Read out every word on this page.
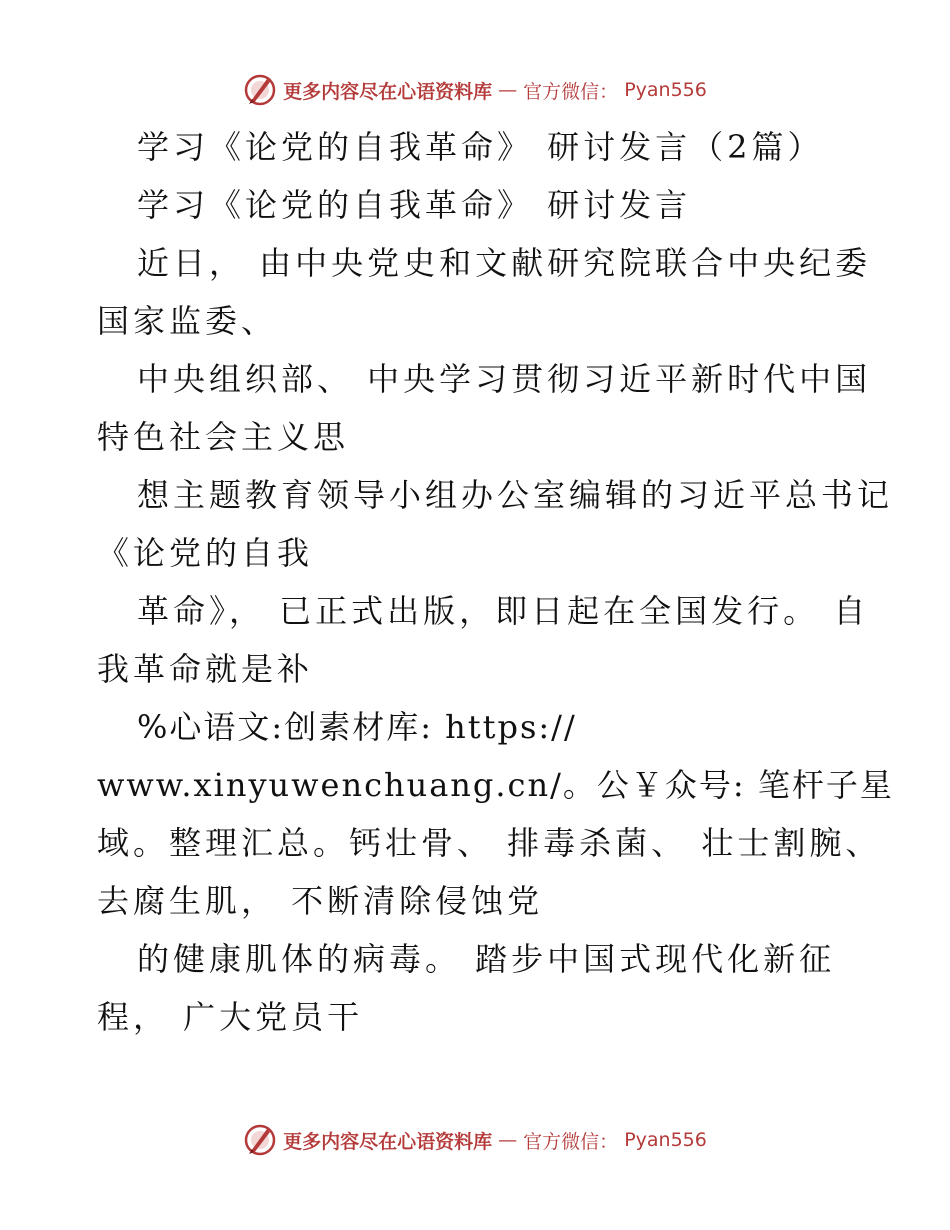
更多内容尽在心语资料库 — 官方微信： Pyan556
学习《论党的自我革命》 研讨发言（2篇）
学习《论党的自我革命》 研讨发言
近日， 由中央党史和文献研究院联合中央纪委
国家监委、
中央组织部、 中央学习贯彻习近平新时代中国
特色社会主义思
想主题教育领导小组办公室编辑的习近平总书记
《论党的自我
革命》， 已正式出版，即日起在全国发行。 自
我革命就是补
%心语文:创素材库: https://
www.xinyuwenchuang.cn/。公￥众号: 笔杆子星
域。整理汇总。钙壮骨、 排毒杀菌、 壮士割腕、
去腐生肌， 不断清除侵蚀党
的健康肌体的病毒。 踏步中国式现代化新征
程， 广大党员干
更多内容尽在心语资料库 — 官方微信： Pyan556
